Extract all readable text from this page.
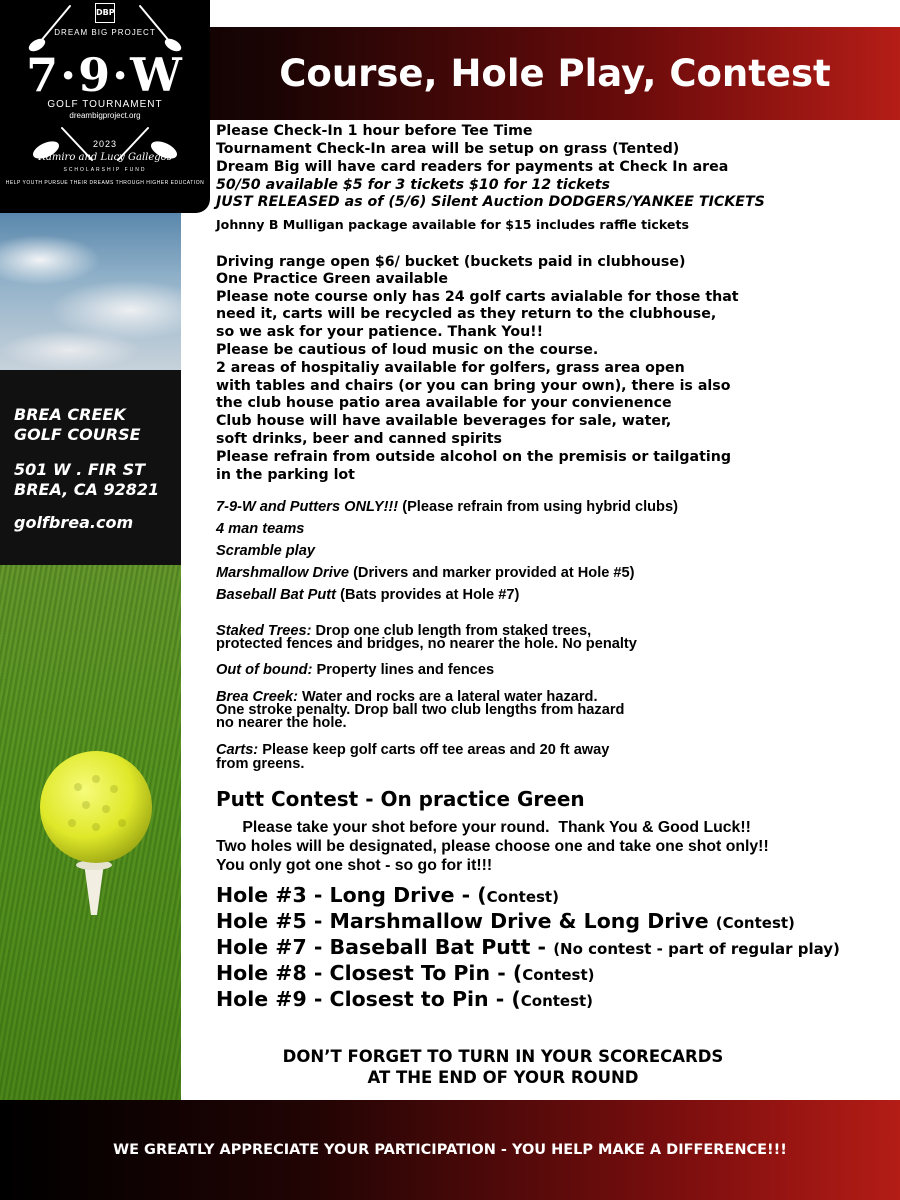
Course, Hole Play, Contest

BREA CREEK

GOLF COURSE

501 W . FIR ST

BREA, CA 92821

golfbrea.com

DBP
DREAM BIG PROJECT
7·9·W
GOLF TOURNAMENT
dreambigproject.org
2023
Ramiro and Lucy Gallegos
SCHOLARSHIP FUND
HELP YOUTH PURSUE THEIR DREAMS THROUGH HIGHER EDUCATION

Please Check-In 1 hour before Tee Time

Tournament Check-In area will be setup on grass (Tented)

Dream Big will have card readers for payments at Check In area

50/50 available $5 for 3 tickets $10 for 12 tickets

JUST RELEASED as of (5/6) Silent Auction DODGERS/YANKEE TICKETS

Johnny B Mulligan package available for $15 includes raffle tickets

Driving range open $6/ bucket (buckets paid in clubhouse)

One Practice Green available

Please note course only has 24 golf carts avialable for those that

need it, carts will be recycled as they return to the clubhouse,

so we ask for your patience. Thank You!!

Please be cautious of loud music on the course.

2 areas of hospitaliy available for golfers, grass area open

with tables and chairs (or you can bring your own), there is also

the club house patio area available for your convienence

Club house will have available beverages for sale, water,

soft drinks, beer and canned spirits

Please refrain from outside alcohol on the premisis or tailgating

in the parking lot

7-9-W and Putters ONLY!!! (Please refrain from using hybrid clubs)

4 man teams

Scramble play

Marshmallow Drive (Drivers and marker provided at Hole #5)

Baseball Bat Putt (Bats provides at Hole #7)

Staked Trees: Drop one club length from staked trees,

protected fences and bridges, no nearer the hole. No penalty

Out of bound: Property lines and fences

Brea Creek: Water and rocks are a lateral water hazard.

One stroke penalty. Drop ball two club lengths from hazard

no nearer the hole.

Carts: Please keep golf carts off tee areas and 20 ft away

from greens.

Putt Contest - On practice Green

Please take your shot before your round.  Thank You & Good Luck!!

Two holes will be designated, please choose one and take one shot only!!

You only got one shot - so go for it!!!

Hole #3 - Long Drive - (Contest)

Hole #5 - Marshmallow Drive & Long Drive (Contest)

Hole #7 - Baseball Bat Putt - (No contest - part of regular play)

Hole #8 - Closest To Pin - (Contest)

Hole #9 - Closest to Pin - (Contest)

DON’T FORGET TO TURN IN YOUR SCORECARDS
AT THE END OF YOUR ROUND

WE GREATLY APPRECIATE YOUR PARTICIPATION - YOU HELP MAKE A DIFFERENCE!!!
